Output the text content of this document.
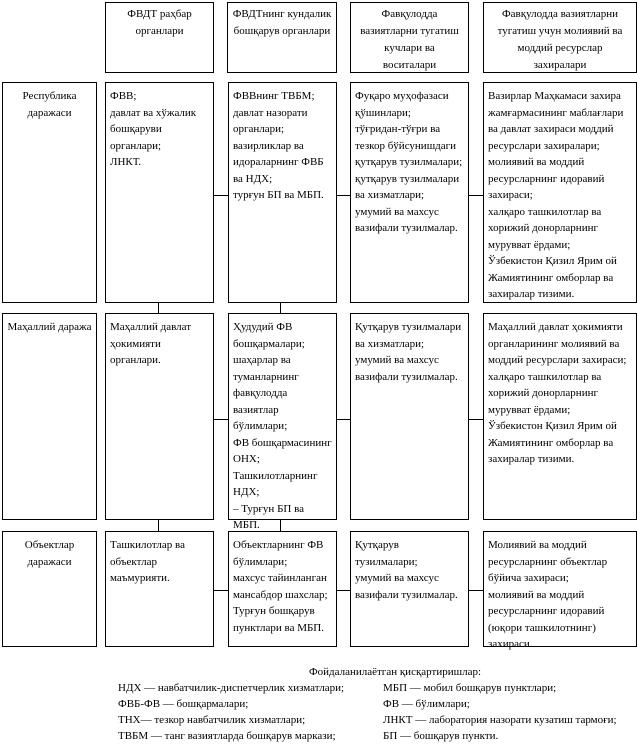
ФВДТ раҳбар органлари
ФВДТнинг кундалик бошқарув органлари
Фавқулодда вазиятларни тугатиш кучлари ва воситалари
Фавқулодда вазиятларни тугатиш учун молиявий ва моддий ресурслар захиралари
Республика даражаси
ФВВ;
давлат ва хўжалик бошқаруви органлари;
ЛНКТ.
ФВВнинг ТВБМ;
давлат назорати органлари;
вазирликлар ва идораларнинг ФВБ ва НДХ;
турғун БП ва МБП.
Фуқаро муҳофазаси қўшинлари;
тўғридан-тўғри ва тезкор бўйсунишдаги қутқарув тузилмалари;
қутқарув тузилмалари ва хизматлари;
умумий ва махсус вазифали тузилмалар.
Вазирлар Маҳкамаси захира жамғармасининг маблағлари ва давлат захираси моддий ресурслари захиралари;
молиявий ва моддий ресурсларнинг идоравий захираси;
халқаро ташкилотлар ва хорижий донорларнинг мурувват ёрдами;
Ўзбекистон Қизил Ярим ой Жамиятининг омборлар ва захиралар тизими.
Маҳаллий даража	Маҳаллий давлат ҳокимияти органлари.
Ҳудудий ФВ бошқармалари;
шаҳарлар ва туманларнинг фавқулодда вазиятлар бўлимлари;
ФВ бошқармасининг ОНХ;
Ташкилотларнинг НДХ;
– Турғун БП ва МБП.
Қутқарув тузилмалари ва хизматлари;
умумий ва махсус вазифали тузилмалар.
Маҳаллий давлат ҳокимияти органларининг молиявий ва моддий ресурслари захираси;
халқаро ташкилотлар ва хорижий донорларнинг мурувват ёрдами;
Ўзбекистон Қизил Ярим ой Жамиятининг омборлар ва захиралар тизими.
Объектлар даражаси
Ташкилотлар ва объектлар маъмурияти.
Объектларнинг ФВ бўлимлари;
махсус тайинланган мансабдор шахслар;
Турғун бошқарув пунктлари ва МБП.
Қутқарув тузилмалари;
умумий ва махсус вазифали тузилмалар.
Молиявий ва моддий ресурсларнинг объектлар бўйича захираси;
молиявий ва моддий ресурсларнинг идоравий (юқори ташкилотнинг) захираси.
Фойдаланилаётган қисқартиришлар:
НДХ — навбатчилик-диспетчерлик хизматлари;
ФВБ-ФВ — бошқармалари;
ТНХ— тезкор навбатчилик хизматлари;
ТВБМ — танг вазиятларда бошқарув маркази;
МБП — мобил бошқарув пунктлари;
ФВ — бўлимлари;
ЛНКТ — лаборатория назорати кузатиш тармоғи;
БП — бошқарув пункти.
